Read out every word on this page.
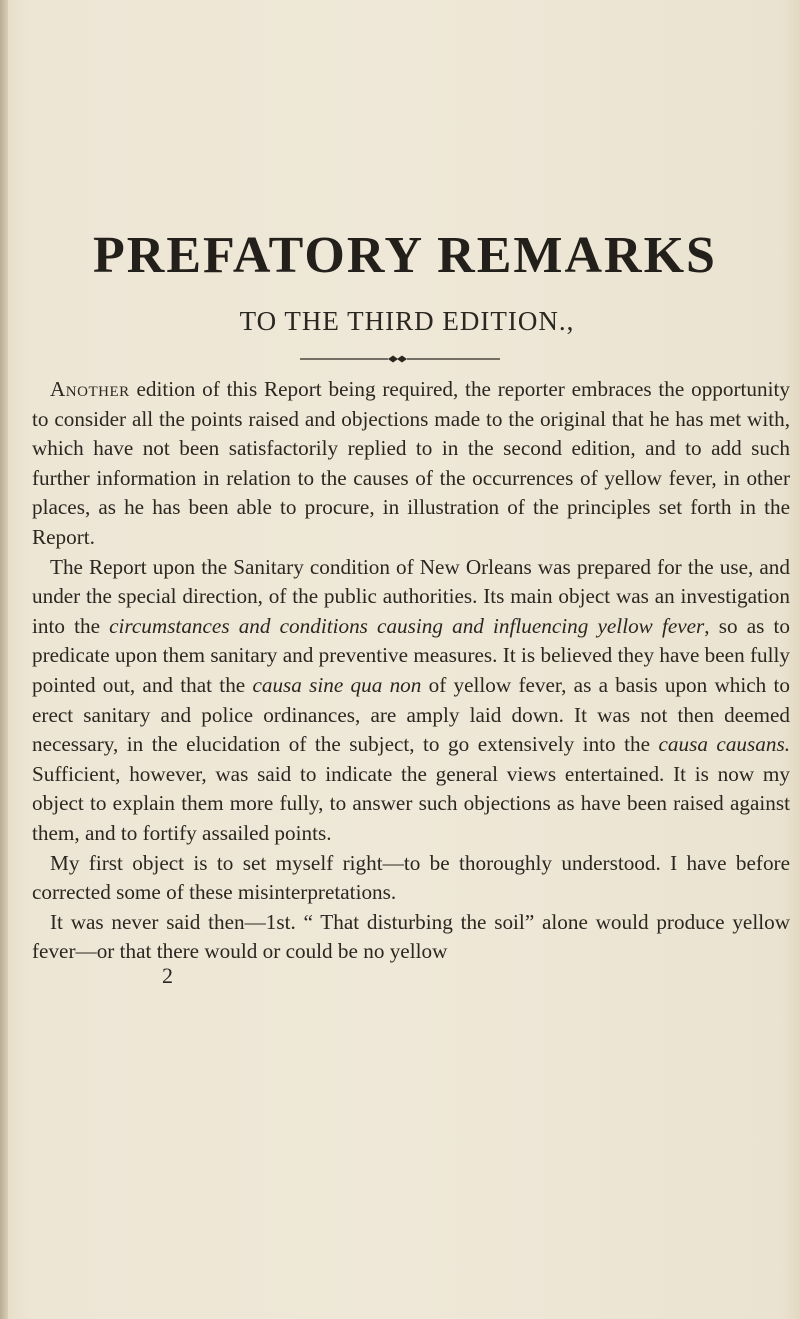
PREFATORY REMARKS
TO THE THIRD EDITION.,

Another edition of this Report being required, the reporter embraces the opportunity to consider all the points raised and objections made to the original that he has met with, which have not been satisfactorily replied to in the second edition, and to add such further information in relation to the causes of the occurrences of yellow fever, in other places, as he has been able to procure, in illustration of the principles set forth in the Report.

The Report upon the Sanitary condition of New Orleans was prepared for the use, and under the special direction, of the public authorities. Its main object was an investigation into the circumstances and conditions causing and influencing yellow fever, so as to predicate upon them sanitary and preventive measures. It is believed they have been fully pointed out, and that the causa sine qua non of yellow fever, as a basis upon which to erect sanitary and police ordinances, are amply laid down. It was not then deemed necessary, in the elucidation of the subject, to go extensively into the causa causans. Sufficient, however, was said to indicate the general views entertained. It is now my object to explain them more fully, to answer such objections as have been raised against them, and to fortify assailed points.

My first object is to set myself right—to be thoroughly understood. I have before corrected some of these misinterpretations.

It was never said then—1st. “ That disturbing the soil” alone would produce yellow fever—or that there would or could be no yellow

2
